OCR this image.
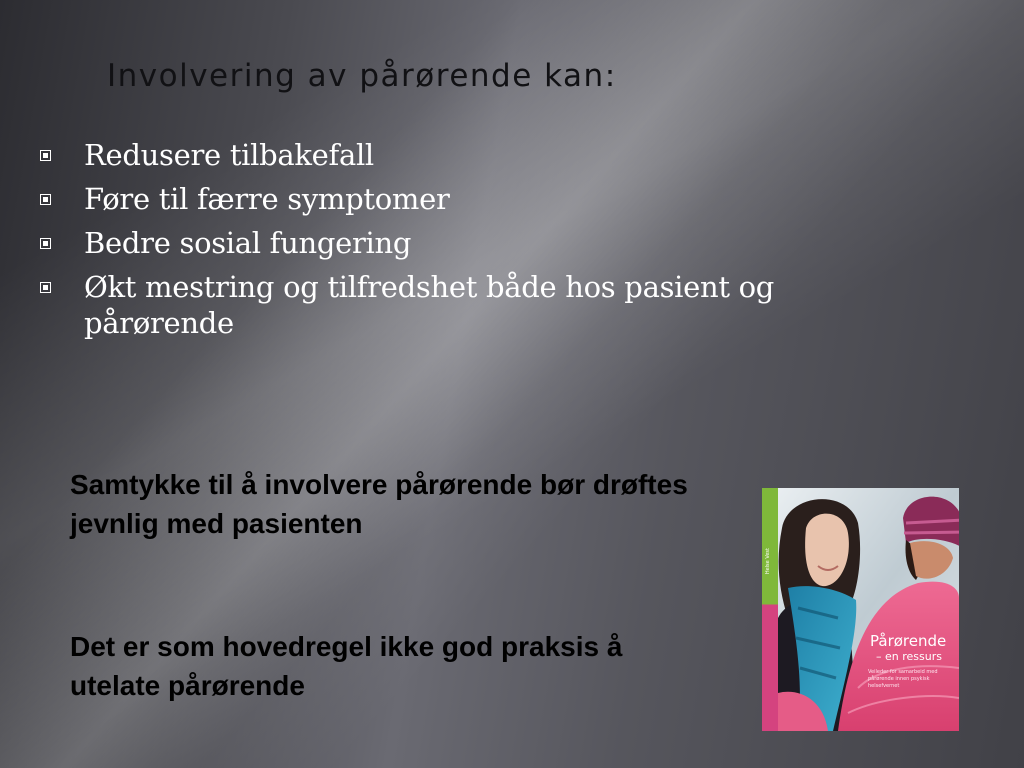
Involvering av pårørende kan:
Redusere tilbakefall
Føre til færre symptomer
Bedre sosial fungering
Økt mestring og tilfredshet både hos pasient og pårørende

Samtykke til å involvere pårørende bør drøftes jevnlig med pasienten

Det er som hovedregel ikke god praksis å utelate pårørende

Helse Vest
Pårørende
– en ressurs
Veileder for samarbeid med pårørende innen psykisk helsefvernet
